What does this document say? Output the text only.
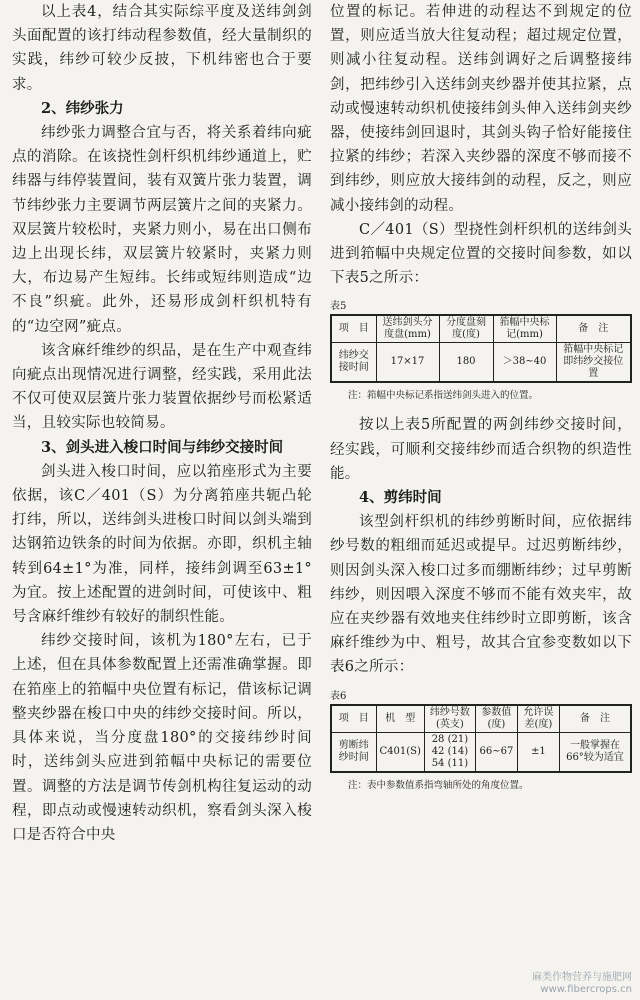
以上表4，结合其实际综平度及送纬剑剑头面配置的该打纬动程参数值，经大量制织的实践，纬纱可较少反披，下机纬密也合于要求。

2、纬纱张力

纬纱张力调整合宜与否，将关系着纬向疵点的消除。在该挠性剑杆织机纬纱通道上，贮纬器与纬停装置间，装有双簧片张力装置，调节纬纱张力主要调节两层簧片之间的夹紧力。双层簧片较松时，夹紧力则小，易在出口侧布边上出现长纬，双层簧片较紧时，夹紧力则大，布边易产生短纬。长纬或短纬则造成“边不良”织疵。此外，还易形成剑杆织机特有的“边空网”疵点。

该含麻纤维纱的织品，是在生产中观查纬向疵点出现情况进行调整，经实践，采用此法不仅可使双层簧片张力装置依据纱号而松紧适当，且较实际也较简易。

3、剑头进入梭口时间与纬纱交接时间

剑头进入梭口时间，应以筘座形式为主要依据，该C／401（S）为分离筘座共轭凸轮打纬，所以，送纬剑头进梭口时间以剑头端到达钢筘边铁条的时间为依据。亦即，织机主轴转到64±1°为准，同样，接纬剑调至63±1°为宜。按上述配置的进剑时间，可使该中、粗号含麻纤维纱有较好的制织性能。

纬纱交接时间，该机为180°左右，已于上述，但在具体参数配置上还需准确掌握。即在筘座上的筘幅中央位置有标记，借该标记调整夹纱器在梭口中央的纬纱交接时间。所以，具体来说，当分度盘180°的交接纬纱时间时，送纬剑头应进到筘幅中央标记的需要位置。调整的方法是调节传剑机构往复运动的动程，即点动或慢速转动织机，察看剑头深入梭口是否符合中央

位置的标记。若伸进的动程达不到规定的位置，则应适当放大往复动程；超过规定位置，则减小往复动程。送纬剑调好之后调整接纬剑，把纬纱引入送纬剑夹纱器并使其拉紧，点动或慢速转动织机使接纬剑头伸入送纬剑夹纱器，使接纬剑回退时，其剑头钩子恰好能接住拉紧的纬纱；若深入夹纱器的深度不够而接不到纬纱，则应放大接纬剑的动程，反之，则应减小接纬剑的动程。

C／401（S）型挠性剑杆织机的送纬剑头进到筘幅中央规定位置的交接时间参数，如以下表5之所示：

表5

项　目	送纬剑头分度盘(mm)	分度盘刻度(度)	筘幅中央标记(mm)	备　注
纬纱交接时间	17×17	180	＞38~40	筘幅中央标记即纬纱交接位置

注：筘幅中央标记系指送纬剑头进入的位置。

按以上表5所配置的两剑纬纱交接时间，经实践，可顺利交接纬纱而适合织物的织造性能。

4、剪纬时间

该型剑杆织机的纬纱剪断时间，应依据纬纱号数的粗细而延迟或提早。过迟剪断纬纱，则因剑头深入梭口过多而绷断纬纱；过早剪断纬纱，则因喂入深度不够而不能有效夹牢，故应在夹纱器有效地夹住纬纱时立即剪断，该含麻纤维纱为中、粗号，故其合宜参变数如以下表6之所示：

表6

项　目	机　型	纬纱号数(英支)	参数值(度)	允许误差(度)	备　注
剪断纬纱时间	C401(S)	28 (21)
42 (14)
54 (11)	66~67	±1	一般掌握在66°较为适宜

注：表中参数值系指弯轴所处的角度位置。

麻类作物营养与施肥网
www.fibercrops.cn
